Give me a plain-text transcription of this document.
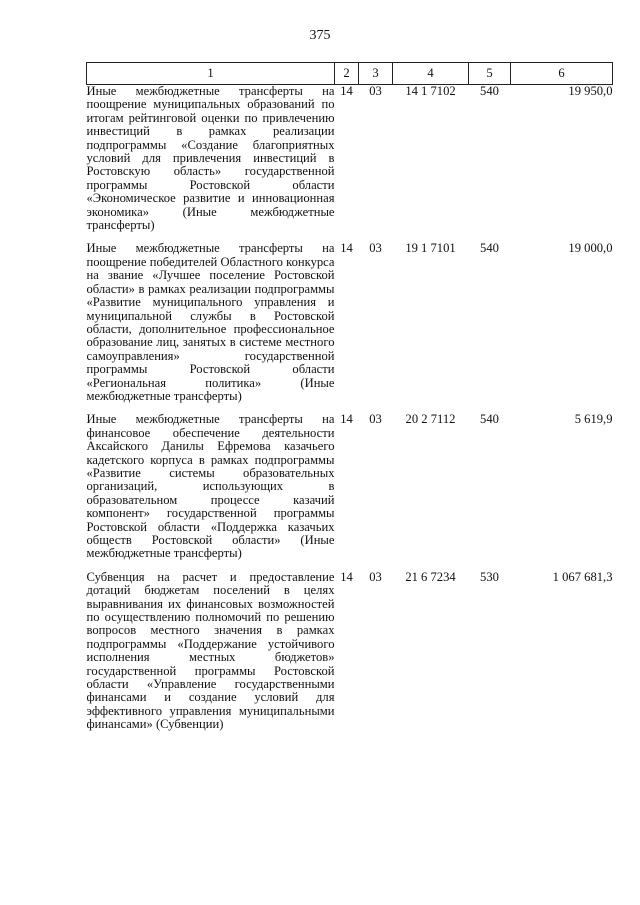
375
1	2	3	4	5	6
Иные межбюджетные трансферты на поощрение муниципальных образований по итогам рейтинговой оценки по привлечению инвестиций в рамках реализации подпрограммы «Создание благоприятных условий для привлечения инвестиций в Ростовскую область» государственной программы Ростовской области «Экономическое развитие и инновационная экономика» (Иные межбюджетные трансферты)	14	03	14 1 7102	540	19 950,0
Иные межбюджетные трансферты на поощрение победителей Областного конкурса на звание «Лучшее поселение Ростовской области» в рамках реализации подпрограммы «Развитие муниципального управления и муниципальной службы в Ростовской области, дополнительное профессиональное образование лиц, занятых в системе местного самоуправления» государственной программы Ростовской области «Региональная политика» (Иные межбюджетные трансферты)	14	03	19 1 7101	540	19 000,0
Иные межбюджетные трансферты на финансовое обеспечение деятельности Аксайского Данилы Ефремова казачьего кадетского корпуса в рамках подпрограммы «Развитие системы образовательных организаций, использующих в образовательном процессе казачий компонент» государственной программы Ростовской области «Поддержка казачьих обществ Ростовской области» (Иные межбюджетные трансферты)	14	03	20 2 7112	540	5 619,9
Субвенция на расчет и предоставление дотаций бюджетам поселений в целях выравнивания их финансовых возможностей по осуществлению полномочий по решению вопросов местного значения в рамках подпрограммы «Поддержание устойчивого исполнения местных бюджетов» государственной программы Ростовской области «Управление государственными финансами и создание условий для эффективного управления муниципальными финансами» (Субвенции)	14	03	21 6 7234	530	1 067 681,3
